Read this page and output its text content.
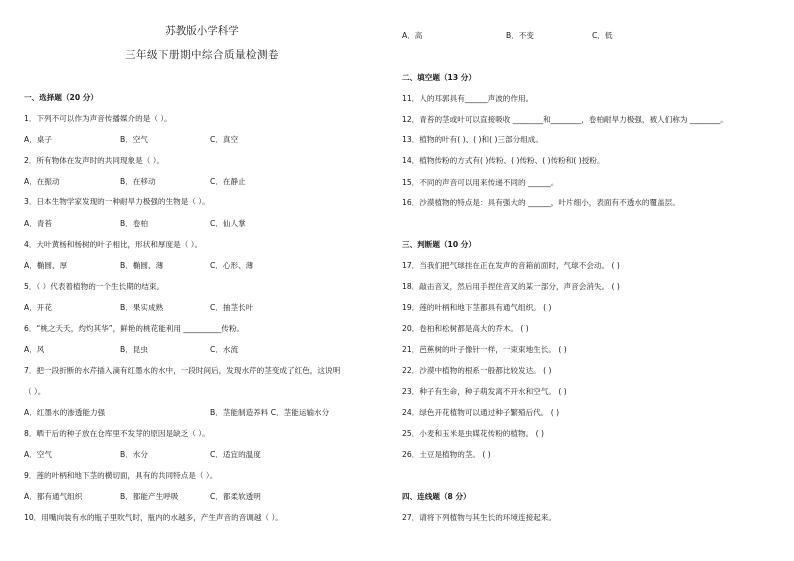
苏教版小学科学
三年级下册期中综合质量检测卷
一、选择题（20 分）
1．下列不可以作为声音传播媒介的是（ ）。
A．桌子	B．空气	C．真空
2．所有物体在发声时的共同现象是（ ）。
A．在振动	B．在移动	C．在静止
3．日本生物学家发现的一种耐旱力极强的生物是（ ）。
A．青苔	B．卷柏	C．仙人掌
4．大叶黄杨和杨树的叶子相比，形状和厚度是（ ）。
A．椭圆、厚	B．椭圆、薄	C．心形、薄
5．（ ）代表着植物的一个生长期的结束。
A．开花	B．果实成熟	C．抽茎长叶
6．“桃之夭夭，灼灼其华”，鲜艳的桃花能利用 __________传粉。
A．风	B．昆虫	C．水流
7．把一段折断的水芹插入滴有红墨水的水中，一段时间后，发现水芹的茎变成了红色，这说明
（ ）。
A．红墨水的渗透能力强	B．茎能制造养料 C．茎能运输水分
8．晒干后的种子放在仓库里不发芽的原因是缺乏（ ）。
A．空气	B．水分	C．适宜的温度
9．莲的叶柄和地下茎的横切面，具有的共同特点是（ ）。
A．都有通气组织	B．都能产生呼吸	C．都柔软透明
10．用嘴向装有水的瓶子里吹气时，瓶内的水越多，产生声音的音调越（ ）。
A．高	B．不变	C．低
二、填空题（13 分）
11．人的耳郭具有______声波的作用。
12．青苔的茎或叶可以直接吸收 ________和________，卷柏耐旱力极强，被人们称为 ________。
13．植物的叶有( )、( )和( )三部分组成。
14．植物传粉的方式有( )传粉、( )传粉、( )传粉和( )授粉。
15．不同的声音可以用来传递不同的 ______。
16．沙漠植物的特点是：具有强大的 ______，叶片细小，表面有不透水的覆盖层。
三、判断题（10 分）
17．当我们把气球挂在正在发声的音箱前面时，气球不会动。 ( )
18．敲击音叉，然后用手捏住音叉的某一部分，声音会消失。 ( )
19．莲的叶柄和地下茎都具有通气组织。 ( )
20．卷柏和松树都是高大的乔木。 ( )
21．芭蕉树的叶子像针一样，一束束地生长。 ( )
22．沙漠中植物的根系一般都比较发达。 ( )
23．种子有生命，种子萌发离不开水和空气。 ( )
24．绿色开花植物可以通过种子繁殖后代。 ( )
25．小麦和玉米是虫媒花传粉的植物。 ( )
26．土豆是植物的茎。 ( )
四、连线题（8 分）
27．请将下列植物与其生长的环境连接起来。
